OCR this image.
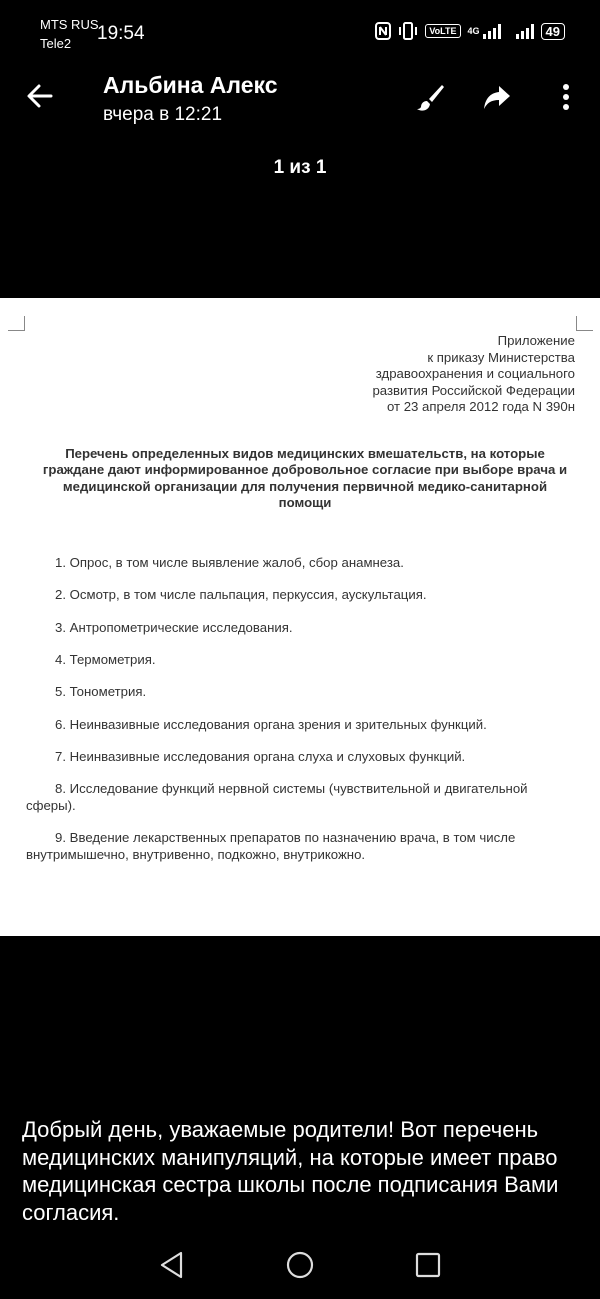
MTS RUS
Tele2 19:54	VoLTE	4G	49
Альбина Алекс
вчера в 12:21
1 из 1
Приложение
к приказу Министерства
здравоохранения и социального
развития Российской Федерации
от 23 апреля 2012 года N 390н
Перечень определенных видов медицинских вмешательств, на которые граждане дают информированное добровольное согласие при выборе врача и медицинской организации для получения первичной медико-санитарной помощи
1. Опрос, в том числе выявление жалоб, сбор анамнеза.
2. Осмотр, в том числе пальпация, перкуссия, аускультация.
3. Антропометрические исследования.
4. Термометрия.
5. Тонометрия.
6. Неинвазивные исследования органа зрения и зрительных функций.
7. Неинвазивные исследования органа слуха и слуховых функций.
8. Исследование функций нервной системы (чувствительной и двигательной сферы).
9. Введение лекарственных препаратов по назначению врача, в том числе внутримышечно, внутривенно, подкожно, внутрикожно.
Добрый день, уважаемые родители! Вот перечень медицинских манипуляций, на которые имеет право медицинская сестра школы после подписания Вами согласия.
